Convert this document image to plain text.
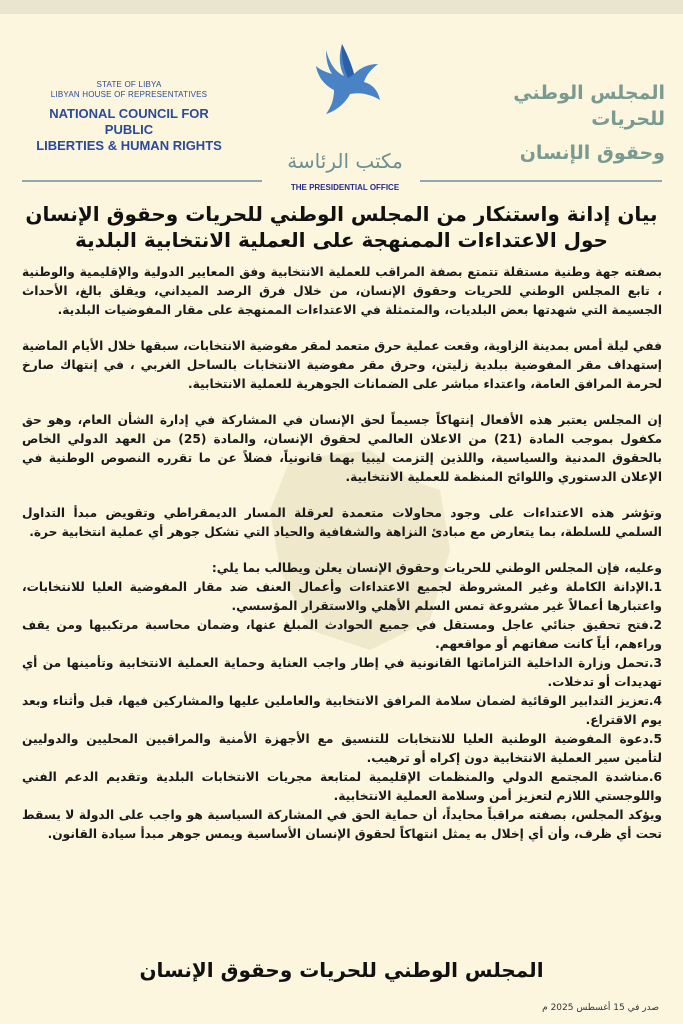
STATE OF LIBYA
LIBYAN HOUSE OF REPRESENTATIVES
NATIONAL COUNCIL FOR PUBLIC
LIBERTIES & HUMAN RIGHTS
مكتب الرئاسة
THE PRESIDENTIAL OFFICE
المجلس الوطني للحريات
وحقوق الإنسان
بيان إدانة واستنكار من المجلس الوطني للحريات وحقوق الإنسان
حول الاعتداءات الممنهجة على العملية الانتخابية البلدية

بصفته جهة وطنية مستقلة تتمتع بصفة المراقب للعملية الانتخابية وفق المعايير الدولية والإقليمية والوطنية ، تابع المجلس الوطني للحريات وحقوق الإنسان، من خلال فرق الرصد الميداني، ويقلق بالغ، الأحداث الجسيمة التي شهدتها بعض البلديات، والمتمثلة في الاعتداءات الممنهجة على مقار المفوضيات البلدية.

ففي ليلة أمس بمدينة الزاوية، وقعت عملية حرق متعمد لمقر مفوضية الانتخابات، سبقها خلال الأيام الماضية إستهداف مقر المفوضية ببلدية زليتن، وحرق مقر مفوضية الانتخابات بالساحل الغربي ، في إنتهاك صارخ لحرمة المرافق العامة، واعتداء مباشر على الضمانات الجوهرية للعملية الانتخابية.

إن المجلس يعتبر هذه الأفعال إنتهاكاً جسيماً لحق الإنسان في المشاركة في إدارة الشأن العام، وهو حق مكفول بموجب المادة (21) من الاعلان العالمي لحقوق الإنسان، والمادة (25) من العهد الدولي الخاص بالحقوق المدنية والسياسية، واللذين إلتزمت ليبيا بهما قانونياً، فضلاً عن ما تقرره النصوص الوطنية في الإعلان الدستوري واللوائح المنظمة للعملية الانتخابية.

وتؤشر هذه الاعتداءات على وجود محاولات متعمدة لعرقلة المسار الديمقراطي وتقويض مبدأ التداول السلمي للسلطة، بما يتعارض مع مبادئ النزاهة والشفافية والحياد التي تشكل جوهر أي عملية انتخابية حرة.

وعليه، فإن المجلس الوطني للحريات وحقوق الإنسان يعلن ويطالب بما يلي:
1.الإدانة الكاملة وغير المشروطة لجميع الاعتداءات وأعمال العنف ضد مقار المفوضية العليا للانتخابات، واعتبارها أعمالاً غير مشروعة تمس السلم الأهلي والاستقرار المؤسسي.
2.فتح تحقيق جنائي عاجل ومستقل في جميع الحوادث المبلغ عنها، وضمان محاسبة مرتكبيها ومن يقف وراءهم، أياً كانت صفاتهم أو مواقعهم.
3.تحمل وزارة الداخلية التزاماتها القانونية في إطار واجب العناية وحماية العملية الانتخابية وتأمينها من أي تهديدات أو تدخلات.
4.تعزيز التدابير الوقائية لضمان سلامة المرافق الانتخابية والعاملين عليها والمشاركين فيها، قبل وأثناء وبعد يوم الاقتراع.
5.دعوة المفوضية الوطنية العليا للانتخابات للتنسيق مع الأجهزة الأمنية والمراقبين المحليين والدوليين لتأمين سير العملية الانتخابية دون إكراه أو ترهيب.
6.مناشدة المجتمع الدولي والمنظمات الإقليمية لمتابعة مجريات الانتخابات البلدية وتقديم الدعم الفني واللوجستي اللازم لتعزيز أمن وسلامة العملية الانتخابية.
ويؤكد المجلس، بصفته مراقباً محايداً، أن حماية الحق في المشاركة السياسية هو واجب على الدولة لا يسقط تحت أي ظرف، وأن أي إخلال به يمثل انتهاكاً لحقوق الإنسان الأساسية ويمس جوهر مبدأ سيادة القانون.
المجلس الوطني للحريات وحقوق الإنسان
صدر في 15 أغسطس 2025 م
